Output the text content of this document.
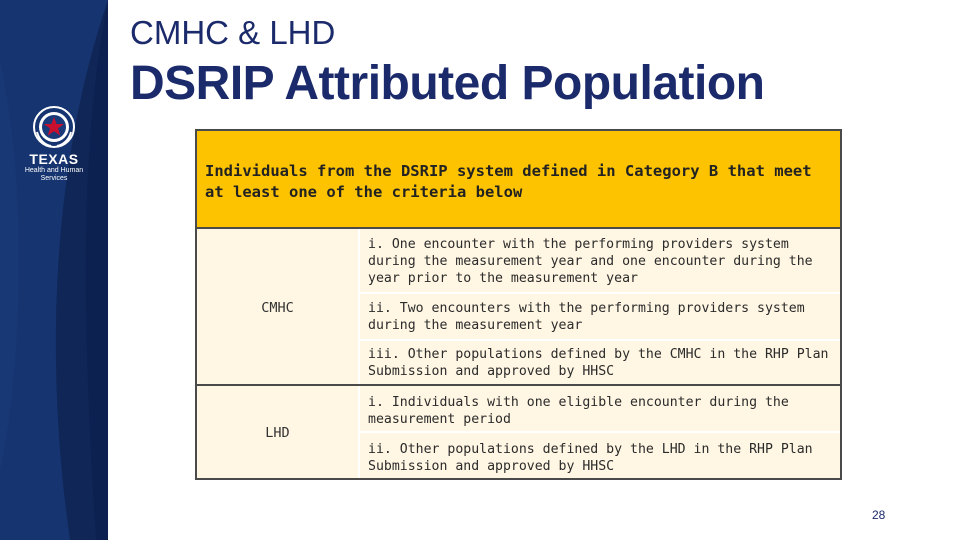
TEXAS
Health and Human Services
CMHC & LHD
DSRIP Attributed Population
Individuals from the DSRIP system defined in Category B that meet at least one of the criteria below
CMHC
i. One encounter with the performing providers system during the measurement year and one encounter during the year prior to the measurement year
ii. Two encounters with the performing providers system during the measurement year
iii. Other populations defined by the CMHC in the RHP Plan Submission and approved by HHSC
LHD
i. Individuals with one eligible encounter during the measurement period
ii. Other populations defined by the LHD in the RHP Plan Submission and approved by HHSC
28
